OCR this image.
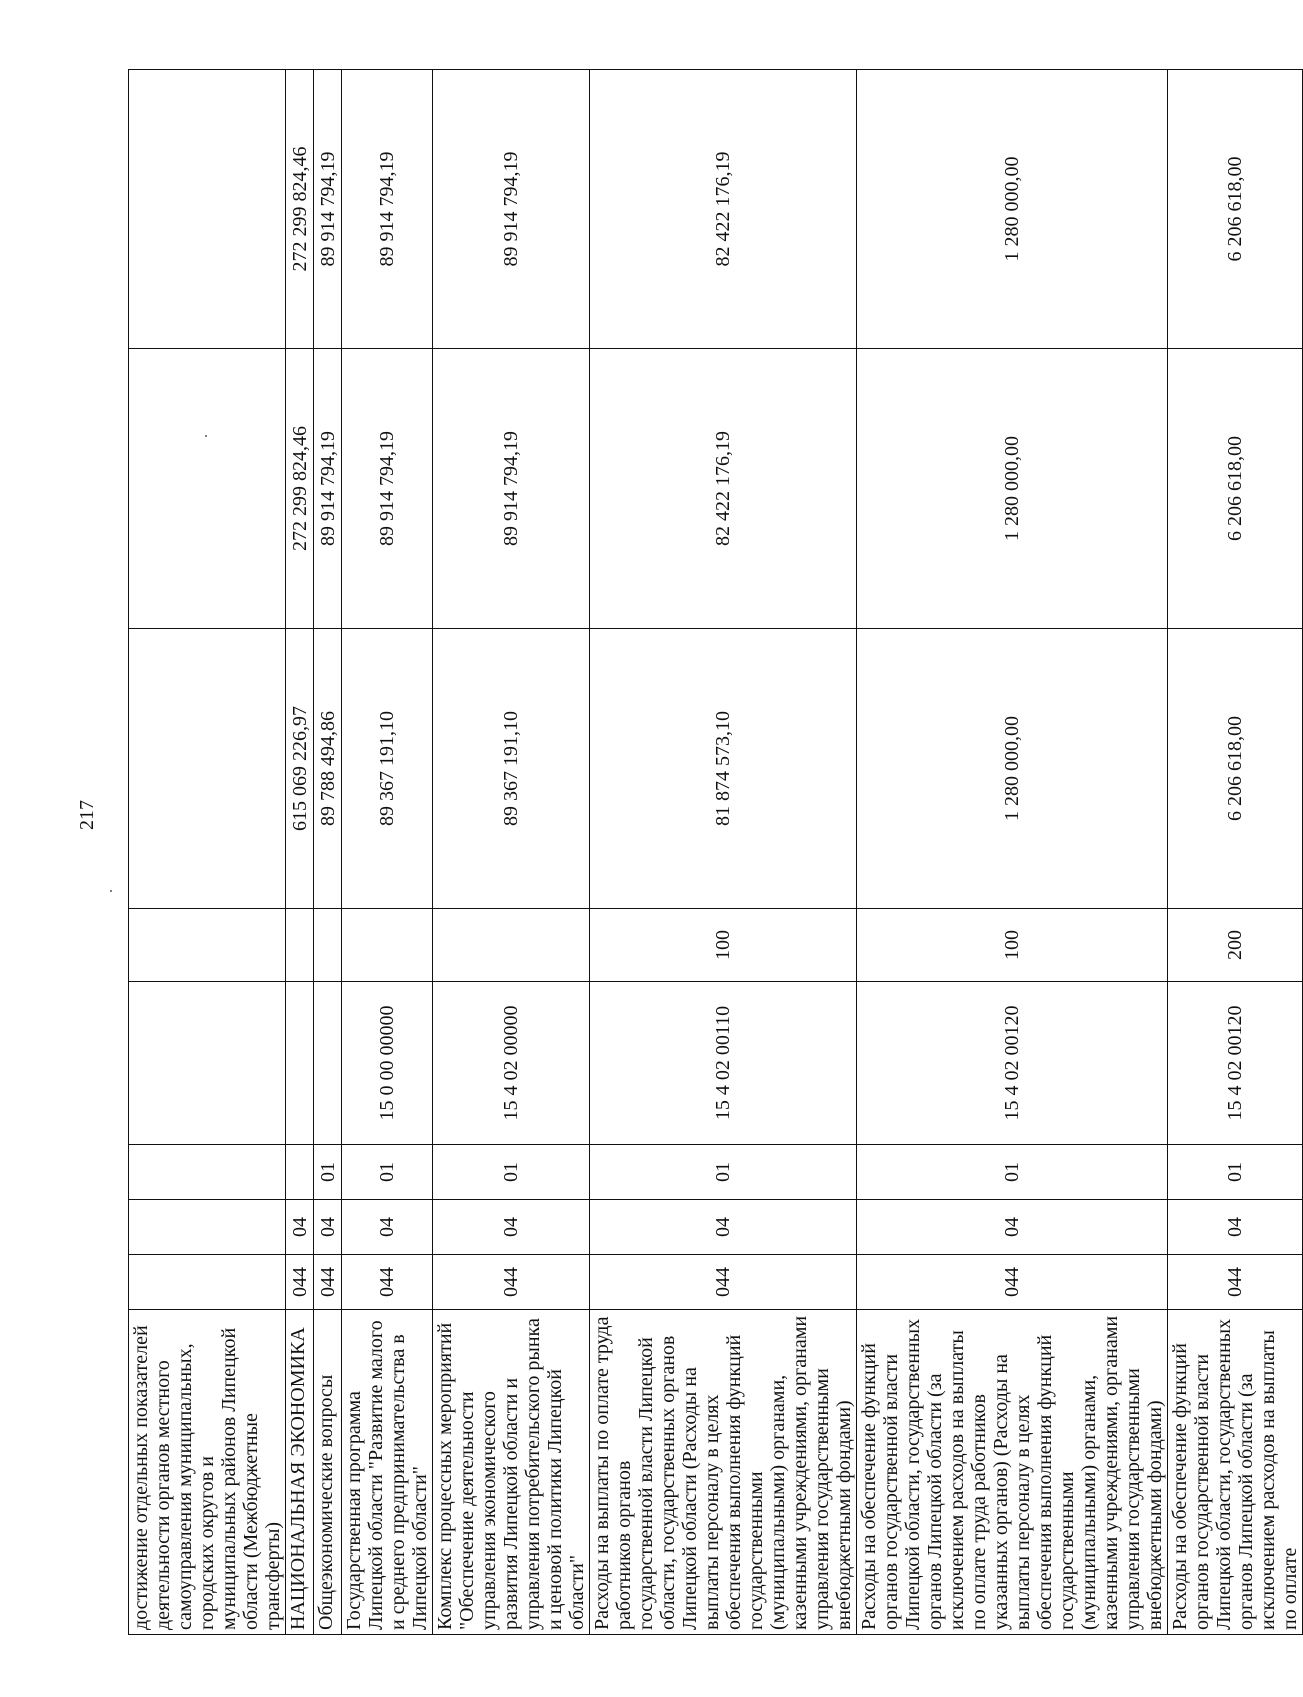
217
достижение отдельных показателей деятельности органов местного самоуправления муниципальных, городских округов и муниципальных районов Липецкой области (Межбюджетные трансферты)								
НАЦИОНАЛЬНАЯ ЭКОНОМИКА	044	04				615 069 226,97	272 299 824,46	272 299 824,46
Общеэкономические вопросы	044	04	01			89 788 494,86	89 914 794,19	89 914 794,19
Государственная программа Липецкой области "Развитие малого и среднего предпринимательства в Липецкой области"	044	04	01	15 0 00 00000		89 367 191,10	89 914 794,19	89 914 794,19
Комплекс процессных мероприятий "Обеспечение деятельности управления экономического развития Липецкой области и управления потребительского рынка и ценовой политики Липецкой области"	044	04	01	15 4 02 00000		89 367 191,10	89 914 794,19	89 914 794,19
Расходы на выплаты по оплате труда работников органов государственной власти Липецкой области, государственных органов Липецкой области (Расходы на выплаты персоналу в целях обеспечения выполнения функций государственными (муниципальными) органами, казенными учреждениями, органами управления государственными внебюджетными фондами)	044	04	01	15 4 02 00110	100	81 874 573,10	82 422 176,19	82 422 176,19
Расходы на обеспечение функций органов государственной власти Липецкой области, государственных органов Липецкой области (за исключением расходов на выплаты по оплате труда работников указанных органов) (Расходы на выплаты персоналу в целях обеспечения выполнения функций государственными (муниципальными) органами, казенными учреждениями, органами управления государственными внебюджетными фондами)	044	04	01	15 4 02 00120	100	1 280 000,00	1 280 000,00	1 280 000,00
Расходы на обеспечение функций органов государственной власти Липецкой области, государственных органов Липецкой области (за исключением расходов на выплаты по оплате	044	04	01	15 4 02 00120	200	6 206 618,00	6 206 618,00	6 206 618,00
